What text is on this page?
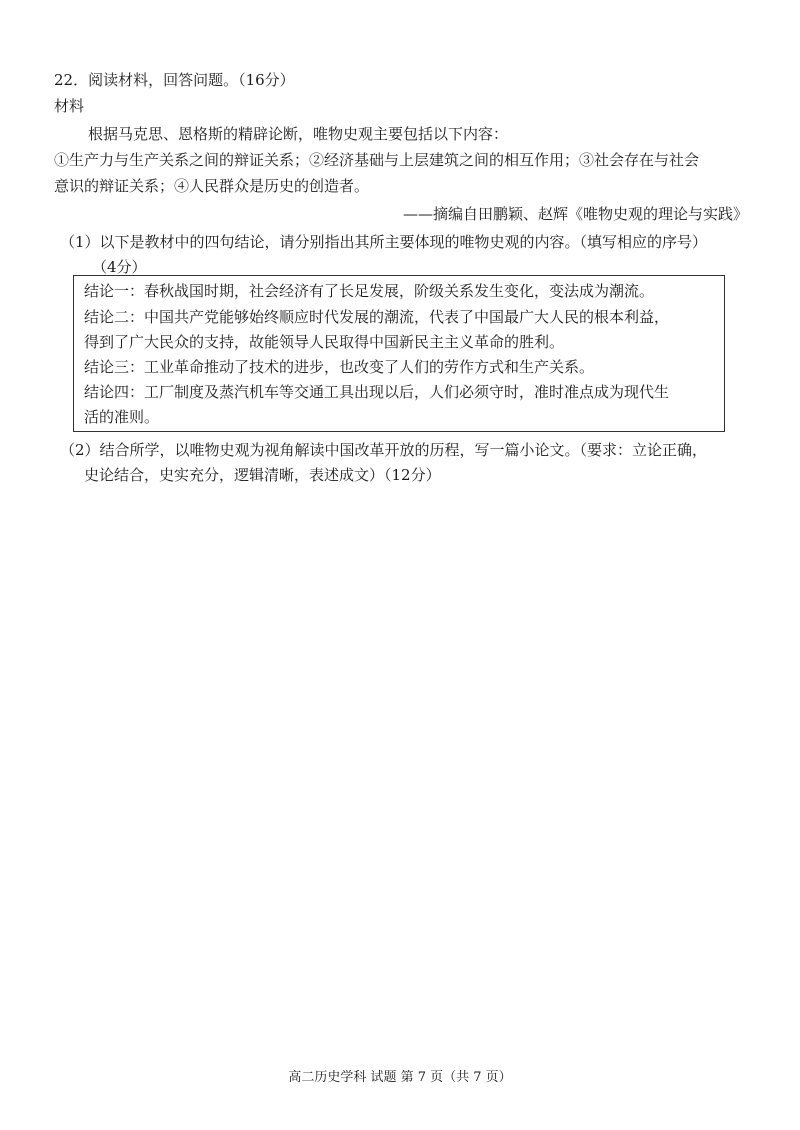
22．阅读材料，回答问题。（16分）
材料
根据马克思、恩格斯的精辟论断，唯物史观主要包括以下内容：
①生产力与生产关系之间的辩证关系；②经济基础与上层建筑之间的相互作用；③社会存在与社会
意识的辩证关系；④人民群众是历史的创造者。
——摘编自田鹏颖、赵辉《唯物史观的理论与实践》
（1）以下是教材中的四句结论，请分别指出其所主要体现的唯物史观的内容。（填写相应的序号）
（4分）
结论一：春秋战国时期，社会经济有了长足发展，阶级关系发生变化，变法成为潮流。
结论二：中国共产党能够始终顺应时代发展的潮流，代表了中国最广大人民的根本利益，
得到了广大民众的支持，故能领导人民取得中国新民主主义革命的胜利。
结论三：工业革命推动了技术的进步，也改变了人们的劳作方式和生产关系。
结论四：工厂制度及蒸汽机车等交通工具出现以后，人们必须守时，准时准点成为现代生
活的准则。
（2）结合所学，以唯物史观为视角解读中国改革开放的历程，写一篇小论文。（要求：立论正确，
史论结合，史实充分，逻辑清晰，表述成文）（12分）
高二历史学科 试题 第 7 页（共 7 页）
